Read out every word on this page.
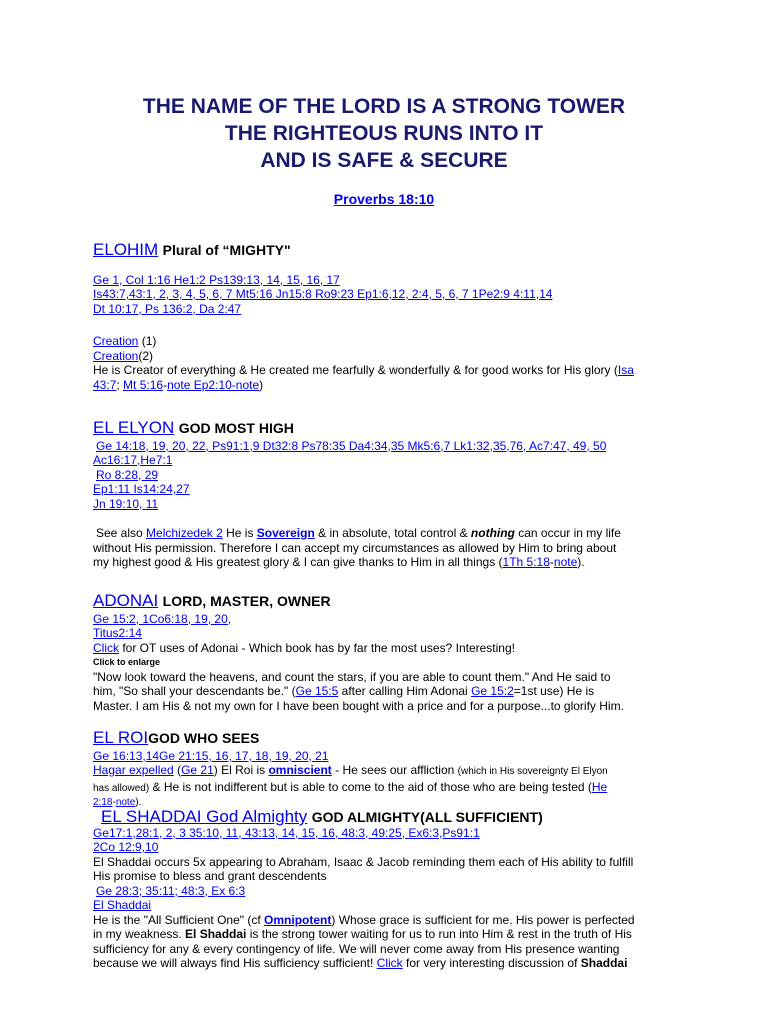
THE NAME OF THE LORD IS A STRONG TOWER
THE RIGHTEOUS RUNS INTO IT
AND IS SAFE & SECURE
Proverbs 18:10
ELOHIM Plural of “MIGHTY"
Ge 1, Col 1:16 He1:2 Ps139:13, 14, 15, 16, 17
Is43:7,43:1, 2, 3, 4, 5, 6, 7 Mt5:16 Jn15:8 Ro9:23 Ep1:6,12, 2:4, 5, 6, 7 1Pe2:9 4:11,14
Dt 10:17, Ps 136:2, Da 2:47
Creation (1)
Creation(2)
He is Creator of everything & He created me fearfully & wonderfully & for good works for His glory (Isa
43:7; Mt 5:16-note Ep2:10-note)
EL ELYON GOD MOST HIGH
Ge 14:18, 19, 20, 22, Ps91:1,9 Dt32:8 Ps78:35 Da4:34,35 Mk5:6,7 Lk1:32,35,76, Ac7:47, 49, 50
Ac16:17,He7:1
Ro 8:28, 29
Ep1:11 Is14:24,27
Jn 19:10, 11
See also Melchizedek 2 He is Sovereign & in absolute, total control & nothing can occur in my life
without His permission. Therefore I can accept my circumstances as allowed by Him to bring about
my highest good & His greatest glory & I can give thanks to Him in all things (1Th 5:18-note).
ADONAI LORD, MASTER, OWNER
Ge 15:2, 1Co6:18, 19, 20,
Titus2:14
Click for OT uses of Adonai - Which book has by far the most uses? Interesting!
Click to enlarge
"Now look toward the heavens, and count the stars, if you are able to count them." And He said to
him, "So shall your descendants be." (Ge 15:5 after calling Him Adonai Ge 15:2=1st use) He is
Master. I am His & not my own for I have been bought with a price and for a purpose...to glorify Him.
EL ROIGOD WHO SEES
Ge 16:13,14Ge 21:15, 16, 17, 18, 19, 20, 21
Hagar expelled (Ge 21) El Roi is omniscient - He sees our affliction (which in His sovereignty El Elyon
has allowed) & He is not indifferent but is able to come to the aid of those who are being tested (He
2:18-note).
EL SHADDAI God Almighty GOD ALMIGHTY(ALL SUFFICIENT)
Ge17:1,28:1, 2, 3 35:10, 11, 43:13, 14, 15, 16, 48:3, 49:25, Ex6:3,Ps91:1
2Co 12:9,10
El Shaddai occurs 5x appearing to Abraham, Isaac & Jacob reminding them each of His ability to fulfill
His promise to bless and grant descendents
Ge 28:3; 35:11; 48:3, Ex 6:3
El Shaddai
He is the "All Sufficient One" (cf Omnipotent) Whose grace is sufficient for me. His power is perfected
in my weakness. El Shaddai is the strong tower waiting for us to run into Him & rest in the truth of His
sufficiency for any & every contingency of life. We will never come away from His presence wanting
because we will always find His sufficiency sufficient! Click for very interesting discussion of Shaddai
